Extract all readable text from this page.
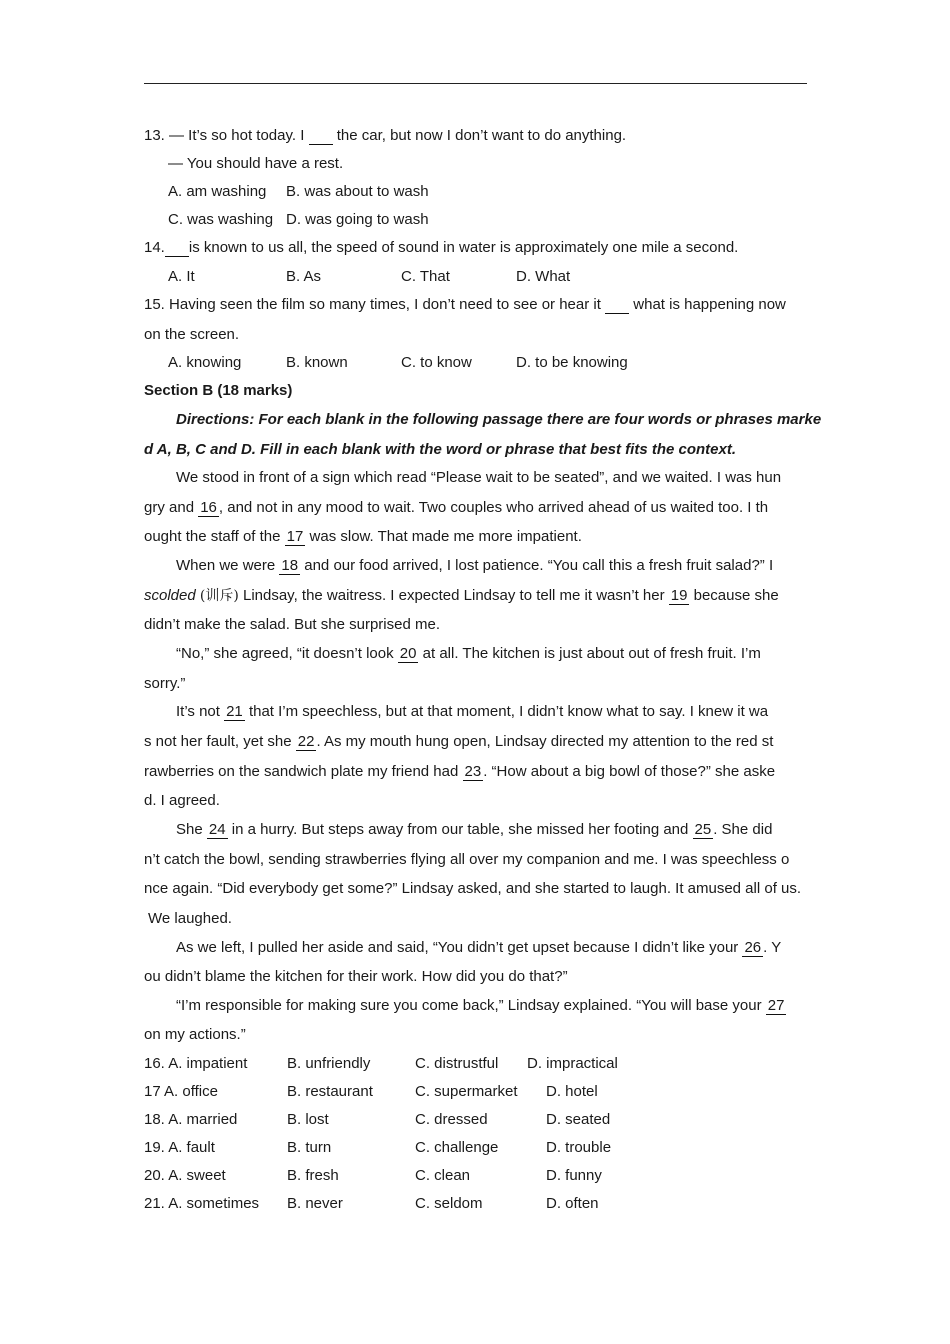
13. — It’s so hot today. I the car, but now I don’t want to do anything.
— You should have a rest.
A. am washing B. was about to wash
C. was washing D. was going to wash
14. is known to us all, the speed of sound in water is approximately one mile a second.
A. It	B. As	C. That	D. What
15. Having seen the film so many times, I don’t need to see or hear it what is happening now
on the screen.
A. knowing	B. known	C. to know	D. to be knowing
Section B (18 marks)
Directions: For each blank in the following passage there are four words or phrases marke
d A, B, C and D. Fill in each blank with the word or phrase that best fits the context.
We stood in front of a sign which read “Please wait to be seated”, and we waited. I was hun
gry and 16 , and not in any mood to wait. Two couples who arrived ahead of us waited too. I th
ought the staff of the 17 was slow. That made me more impatient.
When we were 18 and our food arrived, I lost patience. “You call this a fresh fruit salad?” I
scolded (训斥) Lindsay, the waitress. I expected Lindsay to tell me it wasn’t her 19 because she
didn’t make the salad. But she surprised me.
“No,” she agreed, “it doesn’t look 20 at all. The kitchen is just about out of fresh fruit. I’m
sorry.”
It’s not 21 that I’m speechless, but at that moment, I didn’t know what to say. I knew it wa
s not her fault, yet she 22 . As my mouth hung open, Lindsay directed my attention to the red st
rawberries on the sandwich plate my friend had 23 . “How about a big bowl of those?” she aske
d. I agreed.
She 24 in a hurry. But steps away from our table, she missed her footing and 25 . She did
n’t catch the bowl, sending strawberries flying all over my companion and me. I was speechless o
nce again. “Did everybody get some?” Lindsay asked, and she started to laugh. It amused all of us.
We laughed.
As we left, I pulled her aside and said, “You didn’t get upset because I didn’t like your 26 . Y
ou didn’t blame the kitchen for their work. How did you do that?”
“I’m responsible for making sure you come back,” Lindsay explained. “You will base your 27
on my actions.”
16. A. impatient	B. unfriendly	C. distrustful D. impractical
17 A. office	B. restaurant	C. supermarket D. hotel
18. A. married	B. lost	C. dressed	D. seated
19. A. fault	B. turn	C. challenge	D. trouble
20. A. sweet	B. fresh	C. clean	D. funny
21. A. sometimes B. never	C. seldom	D. often
